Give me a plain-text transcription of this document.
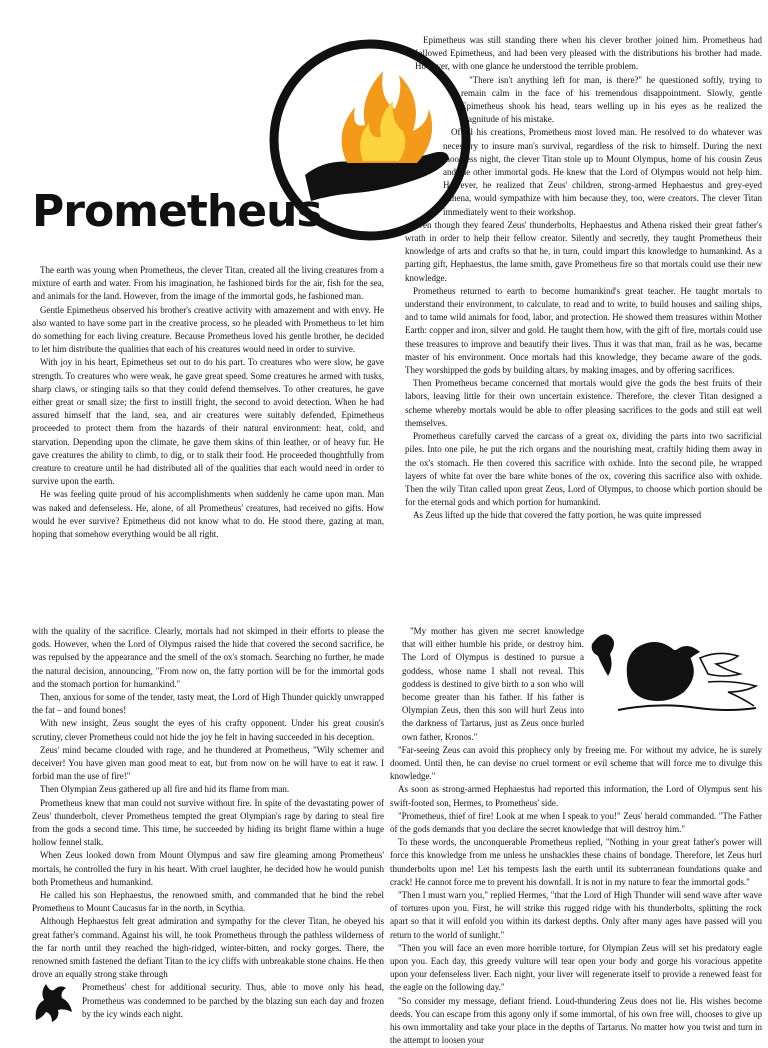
Prometheus

The earth was young when Prometheus, the clever Titan, created all the living creatures from a mixture of earth and water. From his imagination, he fashioned birds for the air, fish for the sea, and animals for the land. However, from the image of the immortal gods, he fashioned man.

Gentle Epimetheus observed his brother's creative activity with amazement and with envy. He also wanted to have some part in the creative process, so he pleaded with Prometheus to let him do something for each living creature. Because Prometheus loved his gentle brother, he decided to let him distribute the qualities that each of his creatures would need in order to survive.

With joy in his heart, Epimetheus set out to do his part. To creatures who were slow, he gave strength. To creatures who were weak, he gave great speed. Some creatures he armed with tusks, sharp claws, or stinging tails so that they could defend themselves. To other creatures, he gave either great or small size; the first to instill fright, the second to avoid detection. When he had assured himself that the land, sea, and air creatures were suitably defended, Epimetheus proceeded to protect them from the hazards of their natural environment: heat, cold, and starvation. Depending upon the climate, he gave them skins of thin leather, or of heavy fur. He gave creatures the ability to climb, to dig, or to stalk their food. He proceeded thoughtfully from creature to creature until he had distributed all of the qualities that each would need in order to survive upon the earth.

He was feeling quite proud of his accomplishments when suddenly he came upon man. Man was naked and defenseless. He, alone, of all Prometheus' creatures, had received no gifts. How would he ever survive? Epimetheus did not know what to do. He stood there, gazing at man, hoping that somehow everything would be all right.

Epimetheus was still standing there when his clever brother joined him. Prometheus had followed Epimetheus, and had been very pleased with the distributions his brother had made. However, with one glance he understood the terrible problem.

"There isn't anything left for man, is there?" he questioned softly, trying to remain calm in the face of his tremendous disappointment. Slowly, gentle Epimetheus shook his head, tears welling up in his eyes as he realized the magnitude of his mistake.

Of all his creations, Prometheus most loved man. He resolved to do whatever was necessary to insure man's survival, regardless of the risk to himself. During the next moonless night, the clever Titan stole up to Mount Olympus, home of his cousin Zeus and the other immortal gods. He knew that the Lord of Olympus would not help him. However, he realized that Zeus' children, strong-armed Hephaestus and grey-eyed Athena, would sympathize with him because they, too, were creators. The clever Titan immediately went to their workshop.

Even though they feared Zeus' thunderbolts, Hephaestus and Athena risked their great father's wrath in order to help their fellow creator. Silently and secretly, they taught Prometheus their knowledge of arts and crafts so that he, in turn, could impart this knowledge to humankind. As a parting gift, Hephaestus, the lame smith, gave Prometheus fire so that mortals could use their new knowledge.

Prometheus returned to earth to become humankind's great teacher. He taught mortals to understand their environment, to calculate, to read and to write, to build houses and sailing ships, and to tame wild animals for food, labor, and protection. He showed them treasures within Mother Earth: copper and iron, silver and gold. He taught them how, with the gift of fire, mortals could use these treasures to improve and beautify their lives. Thus it was that man, frail as he was, became master of his environment. Once mortals had this knowledge, they became aware of the gods. They worshipped the gods by building altars, by making images, and by offering sacrifices.

Then Prometheus became concerned that mortals would give the gods the best fruits of their labors, leaving little for their own uncertain existence. Therefore, the clever Titan designed a scheme whereby mortals would be able to offer pleasing sacrifices to the gods and still eat well themselves.

Prometheus carefully carved the carcass of a great ox, dividing the parts into two sacrificial piles. Into one pile, he put the rich organs and the nourishing meat, craftily hiding them away in the ox's stomach. He then covered this sacrifice with oxhide. Into the second pile, he wrapped layers of white fat over the bare white bones of the ox, covering this sacrifice also with oxhide. Then the wily Titan called upon great Zeus, Lord of Olympus, to choose which portion should be for the eternal gods and which portion for humankind.

As Zeus lifted up the hide that covered the fatty portion, he was quite impressed

with the quality of the sacrifice. Clearly, mortals had not skimped in their efforts to please the gods. However, when the Lord of Olympus raised the hide that covered the second sacrifice, he was repulsed by the appearance and the smell of the ox's stomach. Searching no further, he made the natural decision, announcing, "From now on, the fatty portion will be for the immortal gods and the stomach portion for humankind."

Then, anxious for some of the tender, tasty meat, the Lord of High Thunder quickly unwrapped the fat – and found bones!

With new insight, Zeus sought the eyes of his crafty opponent. Under his great cousin's scrutiny, clever Prometheus could not hide the joy he felt in having succeeded in his deception.

Zeus' mind became clouded with rage, and he thundered at Prometheus, "Wily schemer and deceiver! You have given man good meat to eat, but from now on he will have to eat it raw. I forbid man the use of fire!"

Then Olympian Zeus gathered up all fire and hid its flame from man.

Prometheus knew that man could not survive without fire. In spite of the devastating power of Zeus' thunderbolt, clever Prometheus tempted the great Olympian's rage by daring to steal fire from the gods a second time. This time, he succeeded by hiding its bright flame within a huge hollow fennel stalk.

When Zeus looked down from Mount Olympus and saw fire gleaming among Prometheus' mortals, he controlled the fury in his heart. With cruel laughter, he decided how he would punish both Prometheus and humankind.

He called his son Hephaestus, the renowned smith, and commanded that he bind the rebel Prometheus to Mount Caucasus far in the north, in Scythia.

Although Hephaestus felt great admiration and sympathy for the clever Titan, he obeyed his great father's command. Against his will, he took Prometheus through the pathless wilderness of the far north until they reached the high-ridged, winter-bitten, and rocky gorges. There, the renowned smith fastened the defiant Titan to the icy cliffs with unbreakable stone chains. He then drove an equally strong stake through

Prometheus' chest for additional security. Thus, able to move only his head, Prometheus was condemned to be parched by the blazing sun each day and frozen by the icy winds each night.

"My mother has given me secret knowledge that will either humble his pride, or destroy him. The Lord of Olympus is destined to pursue a goddess, whose name I shall not reveal. This goddess is destined to give birth to a son who will become greater than his father. If his father is Olympian Zeus, then this son will hurl Zeus into the darkness of Tartarus, just as Zeus once hurled own father, Kronos."

"Far-seeing Zeus can avoid this prophecy only by freeing me. For without my advice, he is surely doomed. Until then, he can devise no cruel torment or evil scheme that will force me to divulge this knowledge."

As soon as strong-armed Hephaestus had reported this information, the Lord of Olympus sent his swift-footed son, Hermes, to Prometheus' side.

"Prometheus, thief of fire! Look at me when I speak to you!" Zeus' herald commanded. "The Father of the gods demands that you declare the secret knowledge that will destroy him."

To these words, the unconquerable Prometheus replied, "Nothing in your great father's power will force this knowledge from me unless he unshackles these chains of bondage. Therefore, let Zeus hurl thunderbolts upon me! Let his tempests lash the earth until its subterranean foundations quake and crack! He cannot force me to prevent his downfall. It is not in my nature to fear the immortal gods."

"Then I must warn you," replied Hermes, "that the Lord of High Thunder will send wave after wave of tortures upon you. First, he will strike this rugged ridge with his thunderbolts, splitting the rock apart so that it will enfold you within its darkest depths. Only after many ages have passed will you return to the world of sunlight."

"Then you will face an even more horrible torture, for Olympian Zeus will set his predatory eagle upon you. Each day, this greedy vulture will tear open your body and gorge his voracious appetite upon your defenseless liver. Each night, your liver will regenerate itself to provide a renewed feast for the eagle on the following day."

"So consider my message, defiant friend. Loud-thundering Zeus does not lie. His wishes become deeds. You can escape from this agony only if some immortal, of his own free will, chooses to give up his own immortality and take your place in the depths of Tartarus. No matter how you twist and turn in the attempt to loosen your
